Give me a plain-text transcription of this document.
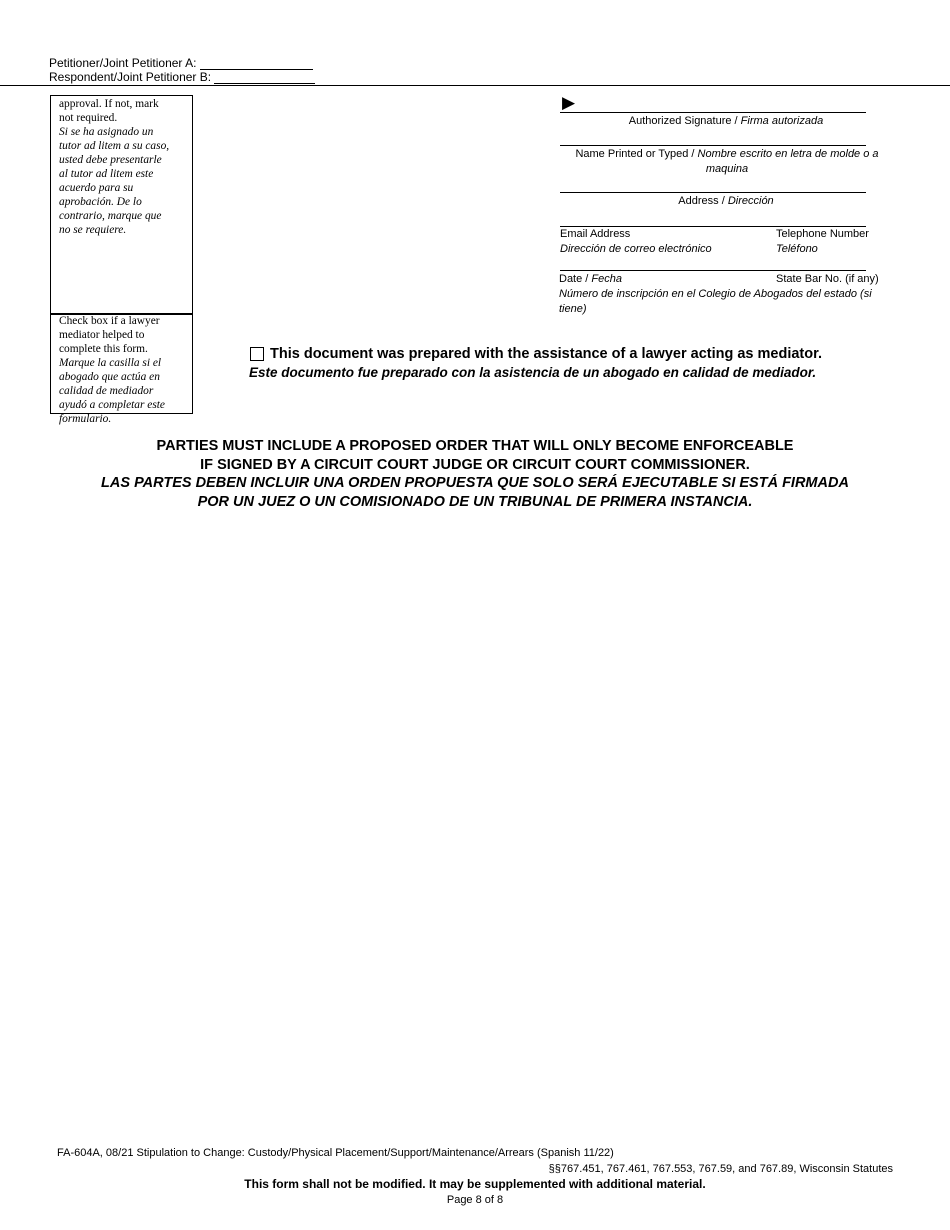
Petitioner/Joint Petitioner A:
Respondent/Joint Petitioner B:
approval. If not, mark
not required.
Si se ha asignado un
tutor ad litem a su caso,
usted debe presentarle
al tutor ad litem este
acuerdo para su
aprobación. De lo
contrario, marque que
no se requiere.
Check box if a lawyer
mediator helped to
complete this form.
Marque la casilla si el
abogado que actúa en
calidad de mediador
ayudó a completar este
formulario.
▶
Authorized Signature / Firma autorizada
Name Printed or Typed / Nombre escrito en letra de molde o a maquina
Address / Dirección
Email Address
Dirección de correo electrónico
Telephone Number
Teléfono
Date / Fecha	State Bar No. (if any)
Número de inscripción en el Colegio de Abogados del estado (si tiene)
This document was prepared with the assistance of a lawyer acting as mediator.
Este documento fue preparado con la asistencia de un abogado en calidad de mediador.
PARTIES MUST INCLUDE A PROPOSED ORDER THAT WILL ONLY BECOME ENFORCEABLE
IF SIGNED BY A CIRCUIT COURT JUDGE OR CIRCUIT COURT COMMISSIONER.
LAS PARTES DEBEN INCLUIR UNA ORDEN PROPUESTA QUE SOLO SERÁ EJECUTABLE SI ESTÁ FIRMADA
POR UN JUEZ O UN COMISIONADO DE UN TRIBUNAL DE PRIMERA INSTANCIA.
FA-604A, 08/21 Stipulation to Change: Custody/Physical Placement/Support/Maintenance/Arrears (Spanish 11/22)
§§767.451, 767.461, 767.553, 767.59, and 767.89, Wisconsin Statutes
This form shall not be modified. It may be supplemented with additional material.
Page 8 of 8
